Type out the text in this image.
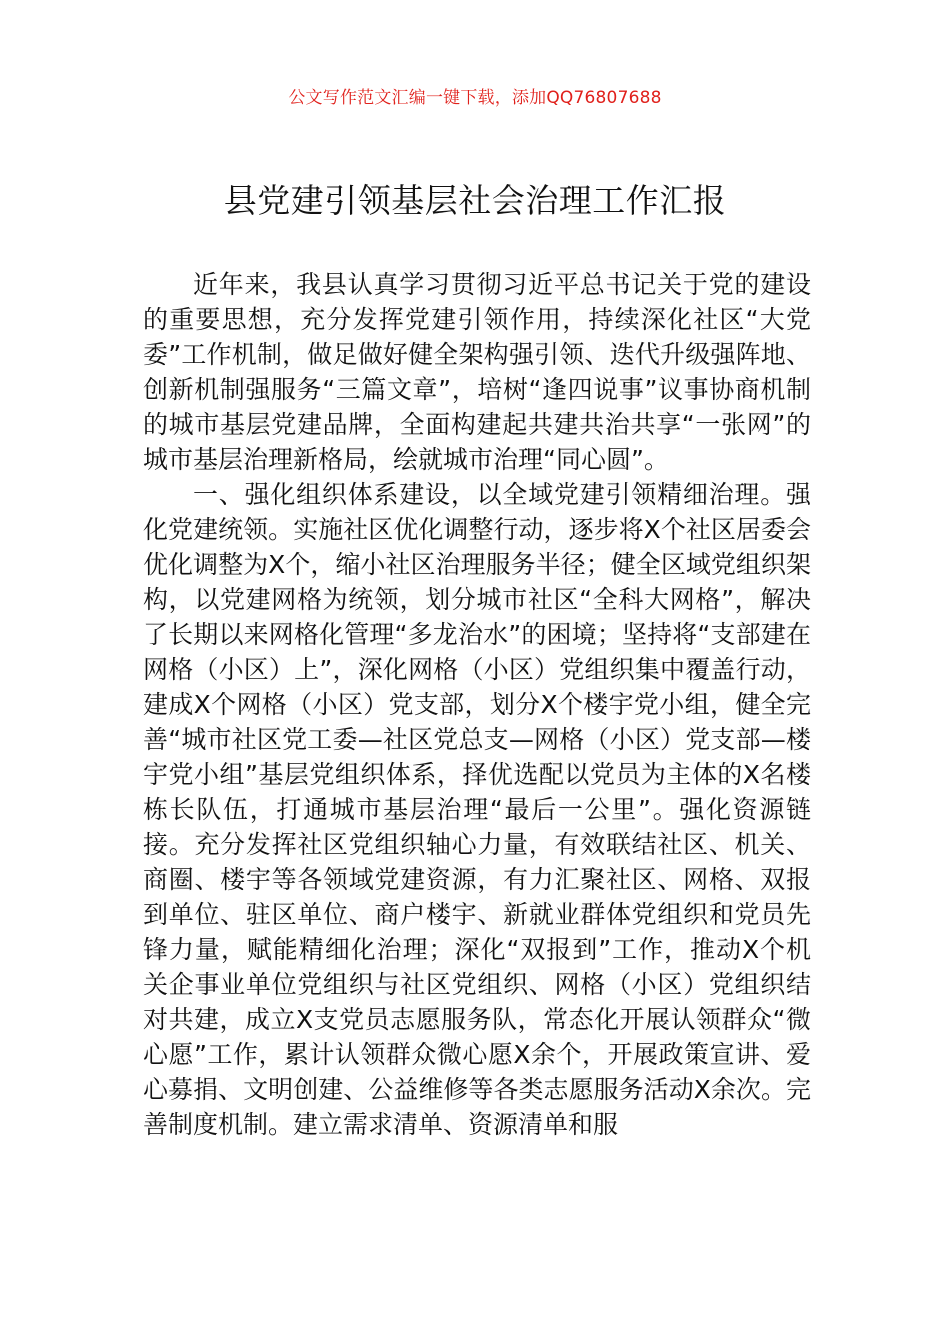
公文写作范文汇编一键下载，添加QQ76807688
县党建引领基层社会治理工作汇报

近年来，我县认真学习贯彻习近平总书记关于党的建设的重要思想，充分发挥党建引领作用，持续深化社区“大党委”工作机制，做足做好健全架构强引领、迭代升级强阵地、创新机制强服务“三篇文章”，培树“逢四说事”议事协商机制的城市基层党建品牌，全面构建起共建共治共享“一张网”的城市基层治理新格局，绘就城市治理“同心圆”。

一、强化组织体系建设，以全域党建引领精细治理。强化党建统领。实施社区优化调整行动，逐步将X个社区居委会优化调整为X个，缩小社区治理服务半径；健全区域党组织架构，以党建网格为统领，划分城市社区“全科大网格”，解决了长期以来网格化管理“多龙治水”的困境；坚持将“支部建在网格（小区）上”，深化网格（小区）党组织集中覆盖行动，建成X个网格（小区）党支部，划分X个楼宇党小组，健全完善“城市社区党工委—社区党总支—网格（小区）党支部—楼宇党小组”基层党组织体系，择优选配以党员为主体的X名楼栋长队伍，打通城市基层治理“最后一公里”。强化资源链接。充分发挥社区党组织轴心力量，有效联结社区、机关、商圈、楼宇等各领域党建资源，有力汇聚社区、网格、双报到单位、驻区单位、商户楼宇、新就业群体党组织和党员先锋力量，赋能精细化治理；深化“双报到”工作，推动X个机关企事业单位党组织与社区党组织、网格（小区）党组织结对共建，成立X支党员志愿服务队，常态化开展认领群众“微心愿”工作，累计认领群众微心愿X余个，开展政策宣讲、爱心募捐、文明创建、公益维修等各类志愿服务活动X余次。完善制度机制。建立需求清单、资源清单和服
